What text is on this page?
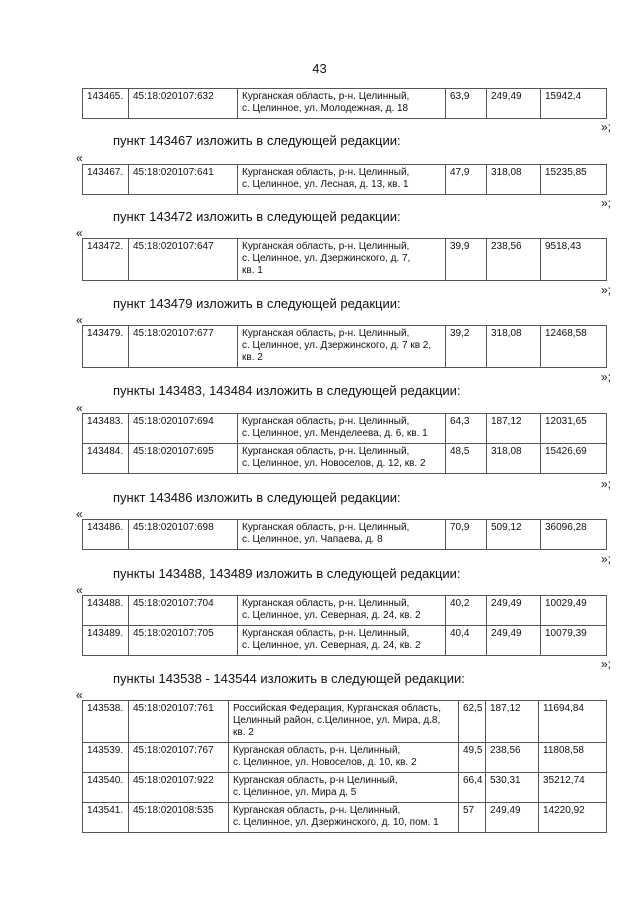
43
143465.	45:18:020107:632	Курганская область, р-н. Целинный,
с. Целинное, ул. Молодежная, д. 18
	63,9	249,49	15942,4
»;
пункт 143467 изложить в следующей редакции:
«
143467.	45:18:020107:641	Курганская область, р-н. Целинный,
с. Целинное, ул. Лесная, д. 13, кв. 1
	47,9	318,08	15235,85
»;
пункт 143472 изложить в следующей редакции:
«
143472.	45:18:020107:647	Курганская область, р-н. Целинный,
с. Целинное, ул. Дзержинского, д. 7,
кв. 1
	39,9	238,56	9518,43
»;
пункт 143479 изложить в следующей редакции:
«
143479.	45:18:020107:677	Курганская область, р-н. Целинный,
с. Целинное, ул. Дзержинского, д. 7 кв 2,
кв. 2
	39,2	318,08	12468,58
»;
пункты 143483, 143484 изложить в следующей редакции:
«
143483.	45:18:020107:694	Курганская область, р-н. Целинный,
с. Целинное, ул. Менделеева, д. 6, кв. 1	64,3	187,12	12031,65
143484.	45:18:020107:695	Курганская область, р-н. Целинный,
с. Целинное, ул. Новоселов, д. 12, кв. 2	48,5	318,08	15426,69
»;
пункт 143486 изложить в следующей редакции:
«
143486.	45:18:020107:698	Курганская область, р-н. Целинный,
с. Целинное, ул. Чапаева, д. 8
	70,9	509,12	36096,28
»;
пункты 143488, 143489 изложить в следующей редакции:
«
143488.	45:18:020107:704	Курганская область, р-н. Целинный,
с. Целинное, ул. Северная, д. 24, кв. 2	40,2	249,49	10029,49
143489.	45:18:020107:705	Курганская область, р-н. Целинный,
с. Целинное, ул. Северная, д. 24, кв. 2	40,4	249,49	10079,39
»;
пункты 143538 - 143544 изложить в следующей редакции:
«
143538.	45:18:020107:761	Российская Федерация, Курганская область,
Целинный район, с.Целинное, ул. Мира, д.8,
кв. 2	62,5	187,12	11694,84
143539.	45:18:020107:767	Курганская область, р-н. Целинный,
с. Целинное, ул. Новоселов, д. 10, кв. 2	49,5	238,56	11808,58
143540.	45:18:020107:922	Курганская область, р-н Целинный,
с. Целинное, ул. Мира д. 5	66,4	530,31	35212,74
143541.	45:18:020108:535	Курганская область, р-н. Целинный,
с. Целинное, ул. Дзержинского, д. 10, пом. 1	57	249,49	14220,92
